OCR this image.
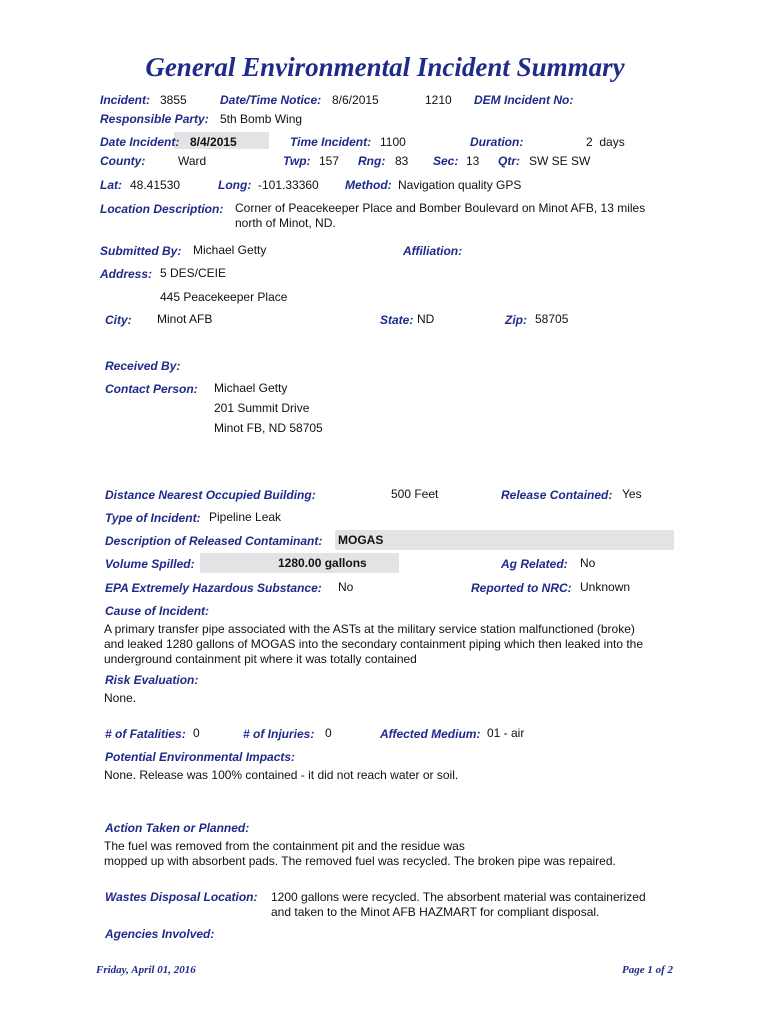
General Environmental Incident Summary
Incident: 3855	Date/Time Notice: 8/6/2015	1210 DEM Incident No:
Responsible Party: 5th Bomb Wing
Date Incident: 8/4/2015	Time Incident: 1100	Duration:	2  days
County:	Ward	Twp: 157 Rng: 83 Sec: 13 Qtr: SW SE SW
Lat: 48.41530	Long: -101.33360 Method: Navigation quality GPS
Location Description: Corner of Peacekeeper Place and Bomber Boulevard on Minot AFB, 13 miles
north of Minot, ND.
Submitted By: Michael Getty	Affiliation:
Address: 5 DES/CEIE
445 Peacekeeper Place
City: Minot AFB	State: ND	Zip: 58705
Received By:
Contact Person: Michael Getty
201 Summit Drive
Minot FB, ND 58705
Distance Nearest Occupied Building:	500 Feet	Release Contained: Yes
Type of Incident: Pipeline Leak
Description of Released Contaminant: MOGAS
Volume Spilled:	1280.00 gallons	Ag Related: No
EPA Extremely Hazardous Substance: No	Reported to NRC: Unknown
Cause of Incident:
A primary transfer pipe associated with the ASTs at the military service station malfunctioned (broke)
and leaked 1280 gallons of MOGAS into the secondary containment piping which then leaked into the
underground containment pit where it was totally contained
Risk Evaluation:
None.
# of Fatalities: 0	# of Injuries: 0	Affected Medium: 01 - air
Potential Environmental Impacts:
None. Release was 100% contained - it did not reach water or soil.
Action Taken or Planned:
The fuel was removed from the containment pit and the residue was
mopped up with absorbent pads. The removed fuel was recycled. The broken pipe was repaired.
Wastes Disposal Location: 1200 gallons were recycled. The absorbent material was containerized
and taken to the Minot AFB HAZMART for compliant disposal.
Agencies Involved:
Friday, April 01, 2016	Page 1 of 2
